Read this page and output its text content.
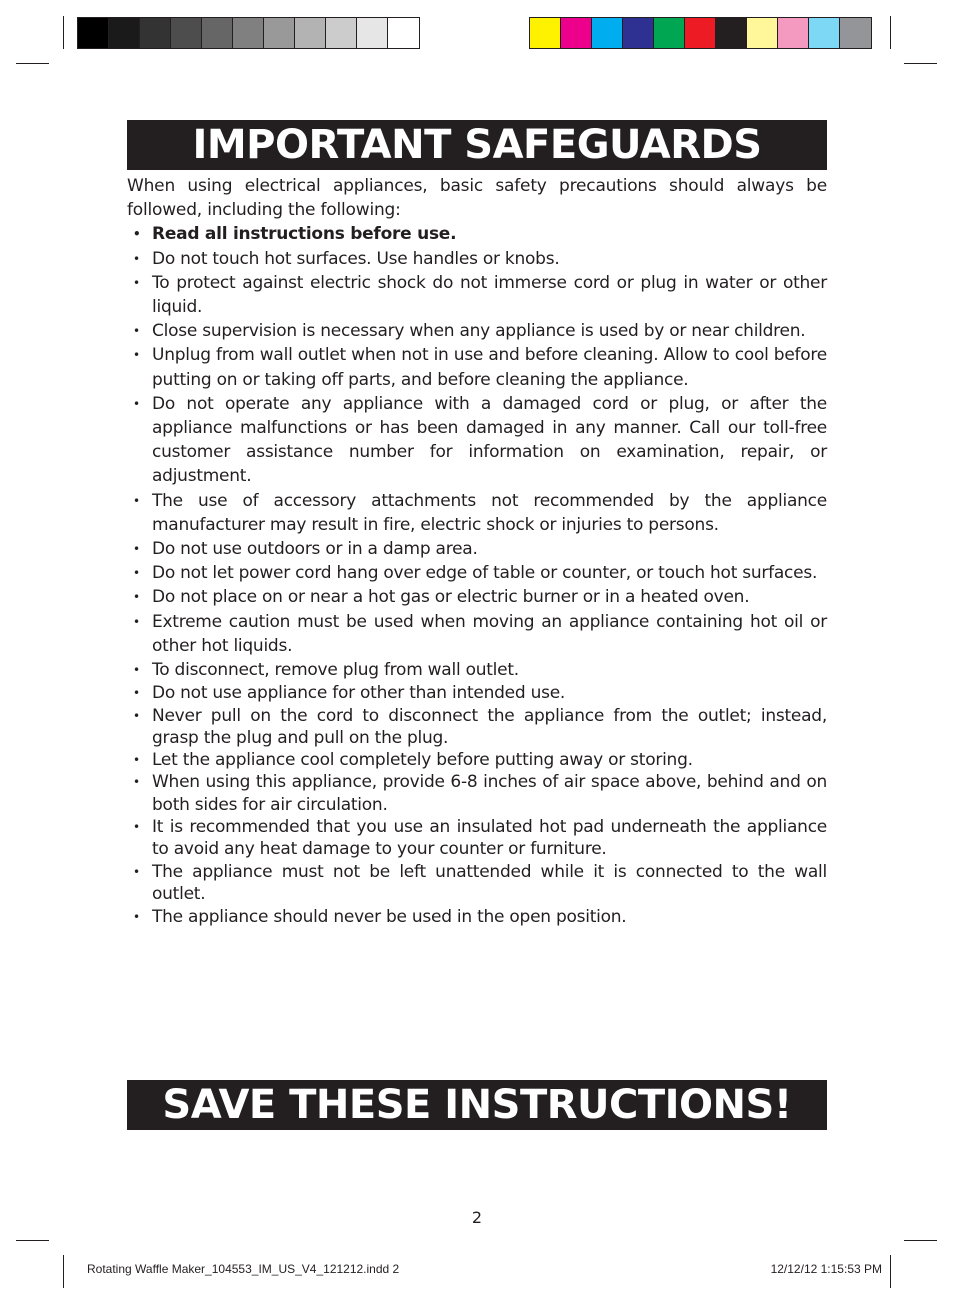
IMPORTANT SAFEGUARDS

When using electrical appliances, basic safety precautions should always be followed, including the following:

• Read all instructions before use.
• Do not touch hot surfaces. Use handles or knobs.
• To protect against electric shock do not immerse cord or plug in water or other liquid.
• Close supervision is necessary when any appliance is used by or near children.
• Unplug from wall outlet when not in use and before cleaning. Allow to cool before putting on or taking off parts, and before cleaning the appliance.
• Do not operate any appliance with a damaged cord or plug, or after the appliance malfunctions or has been damaged in any manner. Call our toll-free customer assistance number for information on examination, repair, or adjustment.
• The use of accessory attachments not recommended by the appliance manufacturer may result in fire, electric shock or injuries to persons.
• Do not use outdoors or in a damp area.
• Do not let power cord hang over edge of table or counter, or touch hot surfaces.
• Do not place on or near a hot gas or electric burner or in a heated oven.
• Extreme caution must be used when moving an appliance containing hot oil or other hot liquids.
• To disconnect, remove plug from wall outlet.
• Do not use appliance for other than intended use.
• Never pull on the cord to disconnect the appliance from the outlet; instead, grasp the plug and pull on the plug.
• Let the appliance cool completely before putting away or storing.
• When using this appliance, provide 6-8 inches of air space above, behind and on both sides for air circulation.
• It is recommended that you use an insulated hot pad underneath the appliance to avoid any heat damage to your counter or furniture.
• The appliance must not be left unattended while it is connected to the wall outlet.
• The appliance should never be used in the open position.
SAVE THESE INSTRUCTIONS!
2
Rotating Waffle Maker_104553_IM_US_V4_121212.indd 2	12/12/12 1:15:53 PM
